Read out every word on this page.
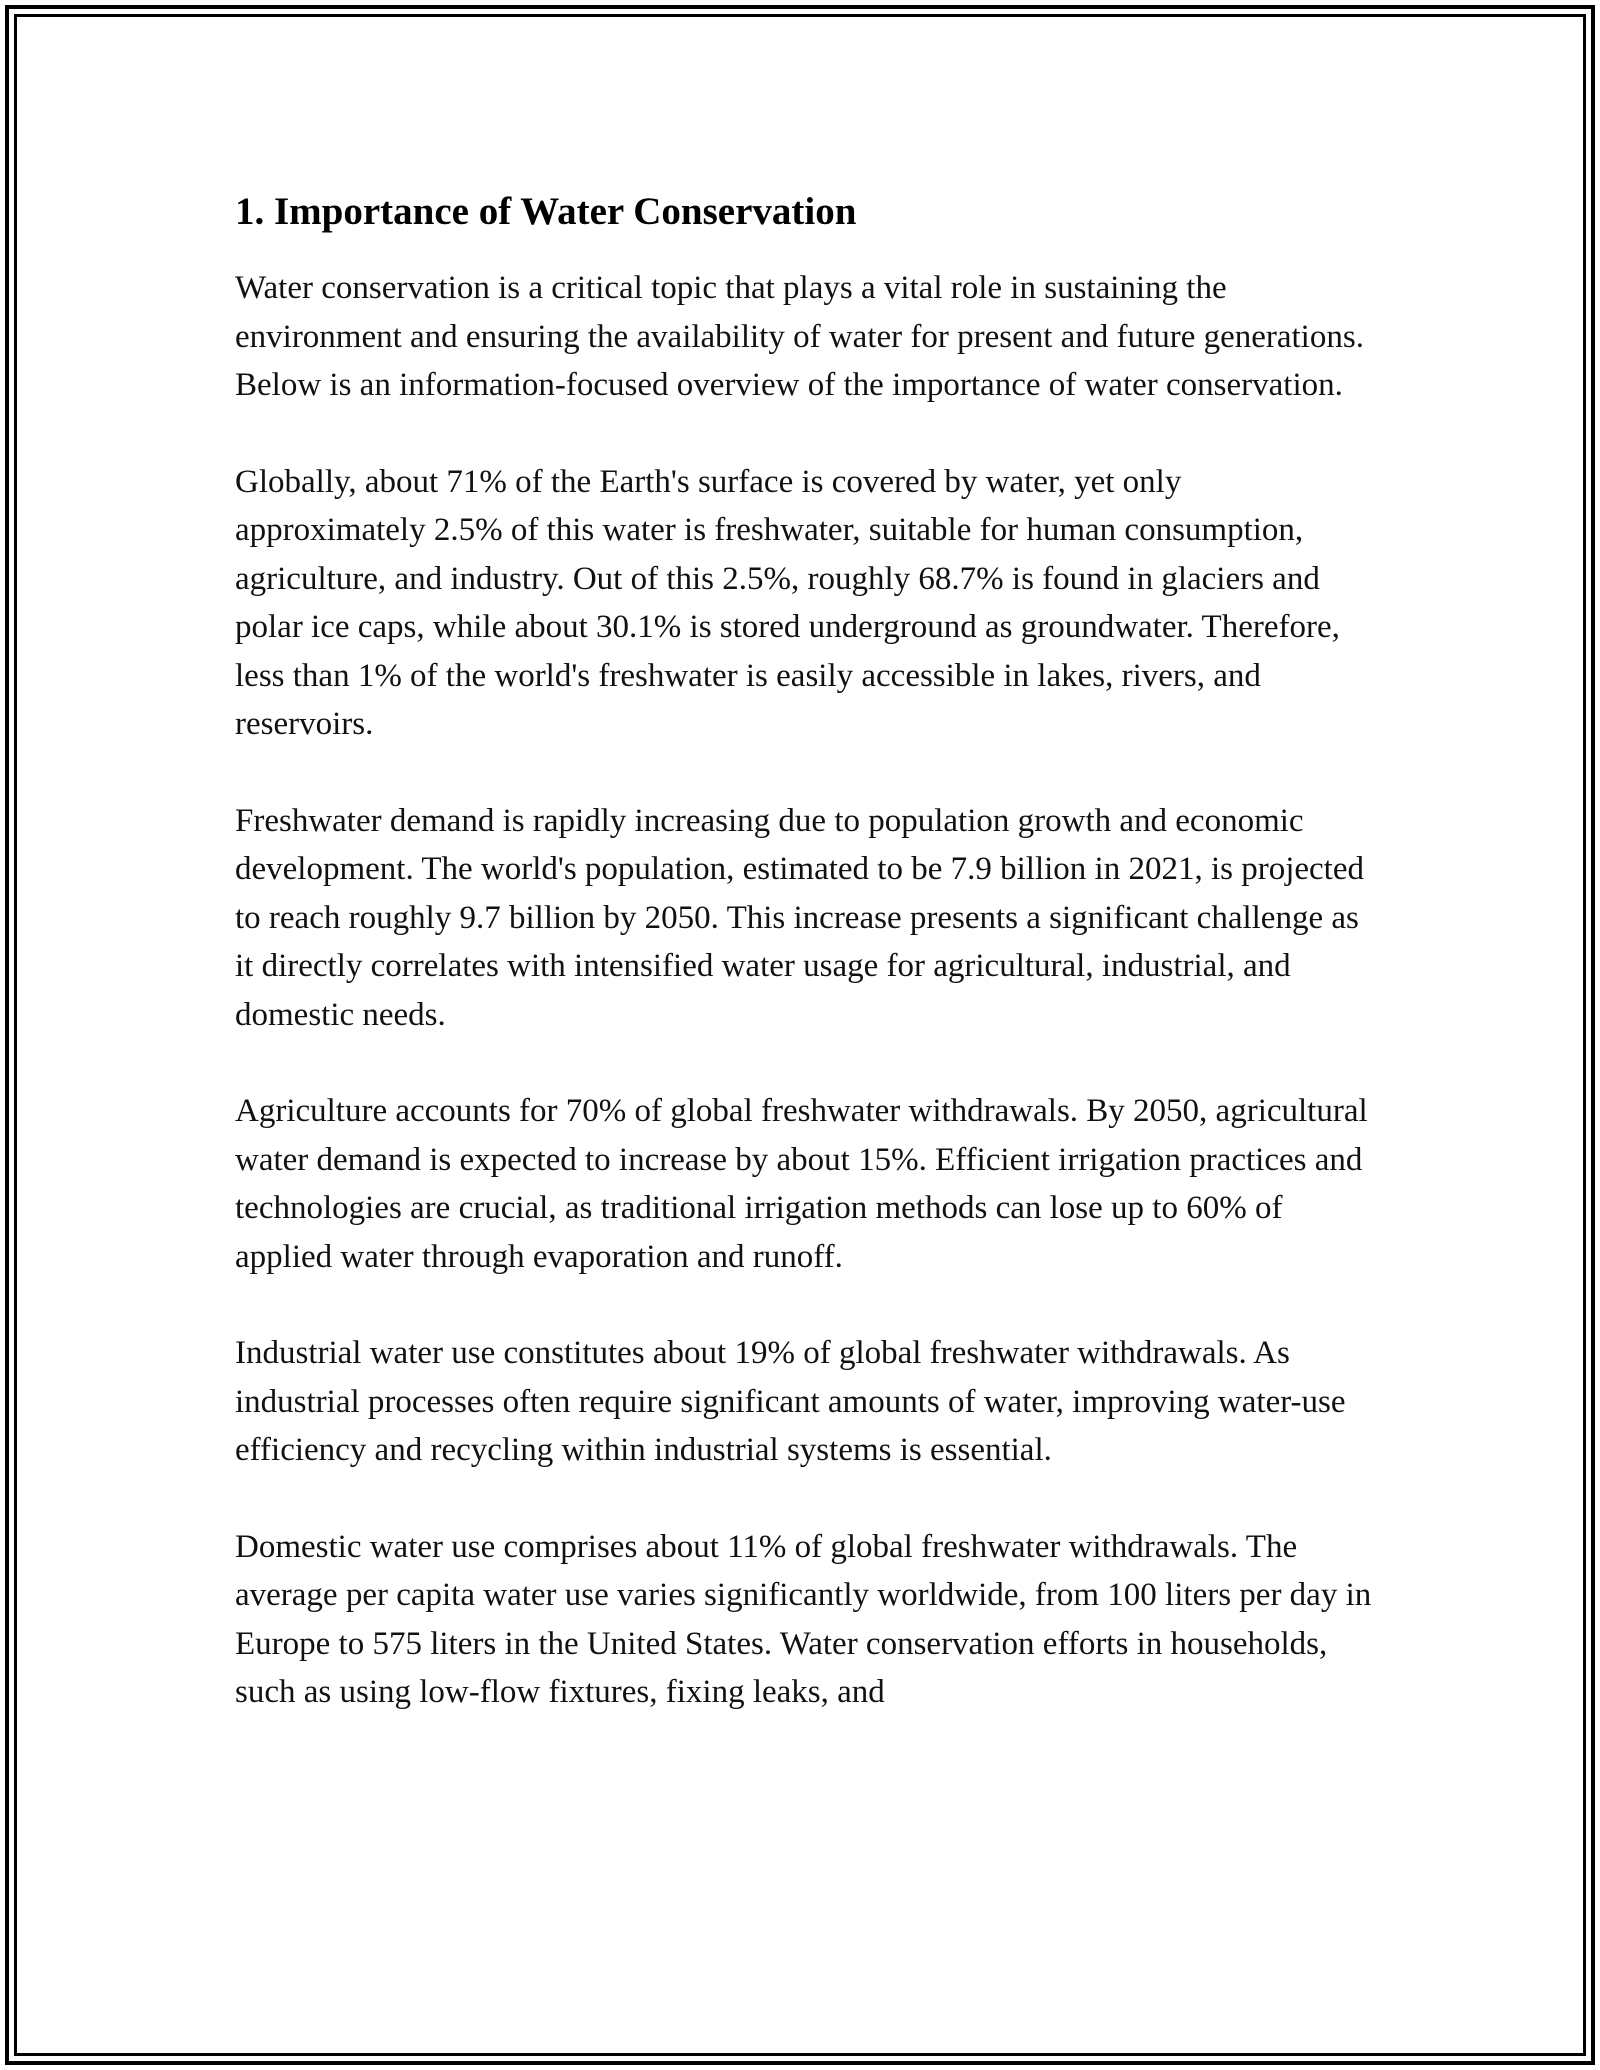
1. Importance of Water Conservation

Water conservation is a critical topic that plays a vital role in sustaining the environment and ensuring the availability of water for present and future generations. Below is an information-focused overview of the importance of water conservation.

Globally, about 71% of the Earth's surface is covered by water, yet only approximately 2.5% of this water is freshwater, suitable for human consumption, agriculture, and industry. Out of this 2.5%, roughly 68.7% is found in glaciers and polar ice caps, while about 30.1% is stored underground as groundwater. Therefore, less than 1% of the world's freshwater is easily accessible in lakes, rivers, and reservoirs.

Freshwater demand is rapidly increasing due to population growth and economic development. The world's population, estimated to be 7.9 billion in 2021, is projected to reach roughly 9.7 billion by 2050. This increase presents a significant challenge as it directly correlates with intensified water usage for agricultural, industrial, and domestic needs.

Agriculture accounts for 70% of global freshwater withdrawals. By 2050, agricultural water demand is expected to increase by about 15%. Efficient irrigation practices and technologies are crucial, as traditional irrigation methods can lose up to 60% of applied water through evaporation and runoff.

Industrial water use constitutes about 19% of global freshwater withdrawals. As industrial processes often require significant amounts of water, improving water-use efficiency and recycling within industrial systems is essential.

Domestic water use comprises about 11% of global freshwater withdrawals. The average per capita water use varies significantly worldwide, from 100 liters per day in Europe to 575 liters in the United States. Water conservation efforts in households, such as using low-flow fixtures, fixing leaks, and
